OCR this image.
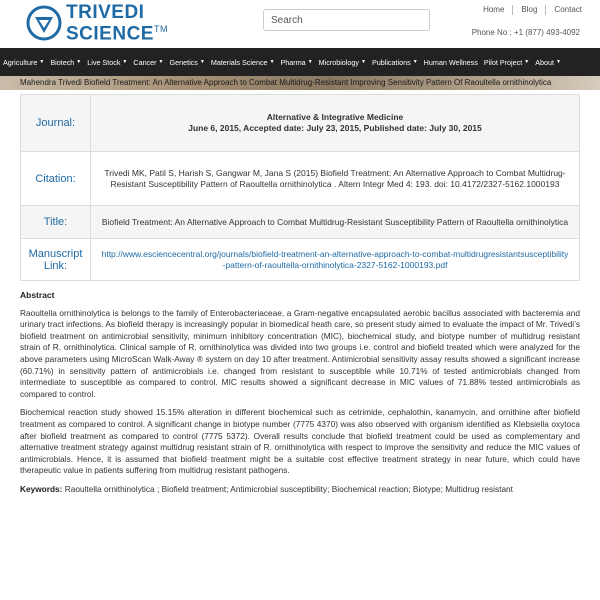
TRIVEDI
SCIENCE™
Search
Home	Blog	Contact
Phone No : +1 (877) 493-4092
Agriculture ▼ Biotech ▼ Live Stock ▼ Cancer ▼ Genetics ▼ Materials Science ▼ Pharma ▼ Microbiology ▼ Publications ▼ Human Wellness Pilot Project ▼ About ▼
Mahendra Trivedi Biofield Treatment: An Alternative Approach to Combat Multidrug-Resistant Improving Sensitivity Pattern Of Raoultella ornithinolytica
Journal:	Alternative & Integrative Medicine
June 6, 2015, Accepted date: July 23, 2015, Published date: July 30, 2015
Citation:	Trivedi MK, Patil S, Harish S, Gangwar M, Jana S (2015) Biofield Treatment: An Alternative Approach to Combat Multidrug-Resistant Susceptibility Pattern of Raoultella ornithinolytica . Altern Integr Med 4: 193. doi: 10.4172/2327-5162.1000193
Title:	Biofield Treatment: An Alternative Approach to Combat Multidrug-Resistant Susceptibility Pattern of Raoultella ornithinolytica
Manuscript Link:	http://www.esciencecentral.org/journals/biofield-treatment-an-alternative-approach-to-combat-multidrugresistantsusceptibility-pattern-of-raoultella-ornithinolytica-2327-5162-1000193.pdf
Abstract

Raoultella ornithinolytica is belongs to the family of Enterobacteriaceae, a Gram-negative encapsulated aerobic bacillus associated with bacteremia and urinary tract infections. As biofield therapy is increasingly popular in biomedical heath care, so present study aimed to evaluate the impact of Mr. Trivedi’s biofield treatment on antimicrobial sensitivity, minimum inhibitory concentration (MIC), biochemical study, and biotype number of multidrug resistant strain of R. ornithinolytica. Clinical sample of R. ornithinolytica was divided into two groups i.e. control and biofield treated which were analyzed for the above parameters using MicroScan Walk-Away ® system on day 10 after treatment. Antimicrobial sensitivity assay results showed a significant increase (60.71%) in sensitivity pattern of antimicrobials i.e. changed from resistant to susceptible while 10.71% of tested antimicrobials changed from intermediate to susceptible as compared to control. MIC results showed a significant decrease in MIC values of 71.88% tested antimicrobials as compared to control.

Biochemical reaction study showed 15.15% alteration in different biochemical such as cetrimide, cephalothin, kanamycin, and ornithine after biofield treatment as compared to control. A significant change in biotype number (7775 4370) was also observed with organism identified as Klebsiella oxytoca after biofield treatment as compared to control (7775 5372). Overall results conclude that biofield treatment could be used as complementary and alternative treatment strategy against multidrug resistant strain of R. ornithinolytica with respect to improve the sensitivity and reduce the MIC values of antimicrobials. Hence, it is assumed that biofield treatment might be a suitable cost effective treatment strategy in near future, which could have therapeutic value in patients suffering from multidrug resistant pathogens.

Keywords: Raoultella ornithinolytica ; Biofield treatment; Antimicrobial susceptibility; Biochemical reaction; Biotype; Multidrug resistant
